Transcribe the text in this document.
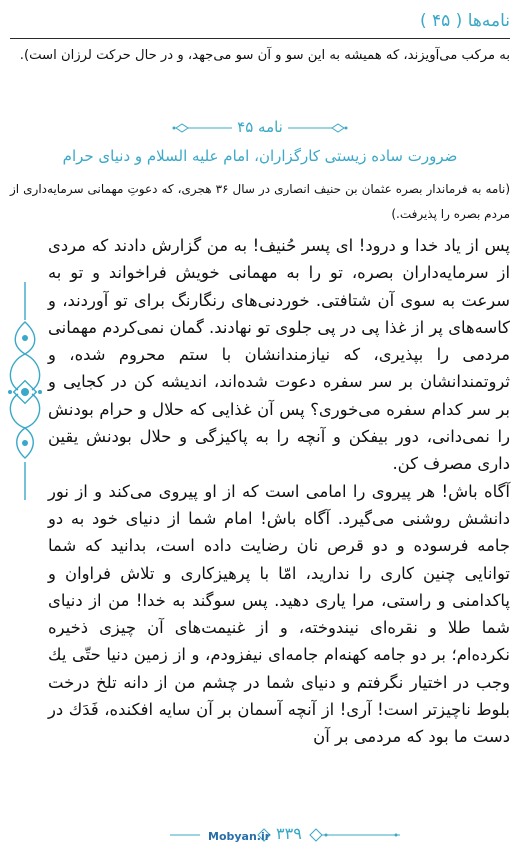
نامه‌ها ( ۴۵ )
به مرکب می‌آویزند، که همیشه به این سو و آن سو می‌جهد، و در حال حرکت لرزان است).
نامه ۴۵
ضرورت ساده زیستی کارگزاران، امام علیه السلام و دنیای حرام
(نامه به فرماندار بصره عثمان بن حنیف انصاری در سال ۳۶ هجری، که دعوتِ مهمانی سرمایه‌داری از مردم بصره را پذیرفت.)

پس از یاد خدا و درود! ای پسر حُنیف! به من گزارش دادند که مردی از سرمایه‌داران بصره، تو را به مهمانی خویش فراخواند و تو به سرعت به سوی آن شتافتی. خوردنی‌های رنگارنگ برای تو آوردند، و کاسه‌های پر از غذا پی در پی جلوی تو نهادند. گمان نمی‌کردم مهمانی مردمی را بپذیری، که نیازمندانشان با ستم محروم شده، و ثروتمندانشان بر سر سفره دعوت شده‌اند، اندیشه کن در کجایی و بر سر کدام سفره می‌خوری؟ پس آن غذایی که حلال و حرام بودنش را نمی‌دانی، دور بیفکن و آنچه را به پاکیزگی و حلال بودنش یقین داری مصرف کن.

آگاه باش! هر پیروی را امامی است که از او پیروی می‌کند و از نور دانشش روشنی می‌گیرد. آگاه باش! امام شما از دنیای خود به دو جامه فرسوده و دو قرص نان رضایت داده است، بدانید که شما توانایی چنین کاری را ندارید، امّا با پرهیزکاری و تلاش فراوان و پاکدامنی و راستی، مرا یاری دهید. پس سوگند به خدا! من از دنیای شما طلا و نقره‌ای نیندوخته، و از غنیمت‌های آن چیزی ذخیره نکرده‌ام؛ بر دو جامه کهنه‌ام جامه‌ای نیفزودم، و از زمین دنیا حتّی یك وجب در اختیار نگرفتم و دنیای شما در چشم من از دانه تلخ درخت بلوط ناچیزتر است! آری! از آنچه آسمان بر آن سایه افکنده، فَدَك در دست ما بود که مردمی بر آن

Mobyan.ir ۳۳۹
